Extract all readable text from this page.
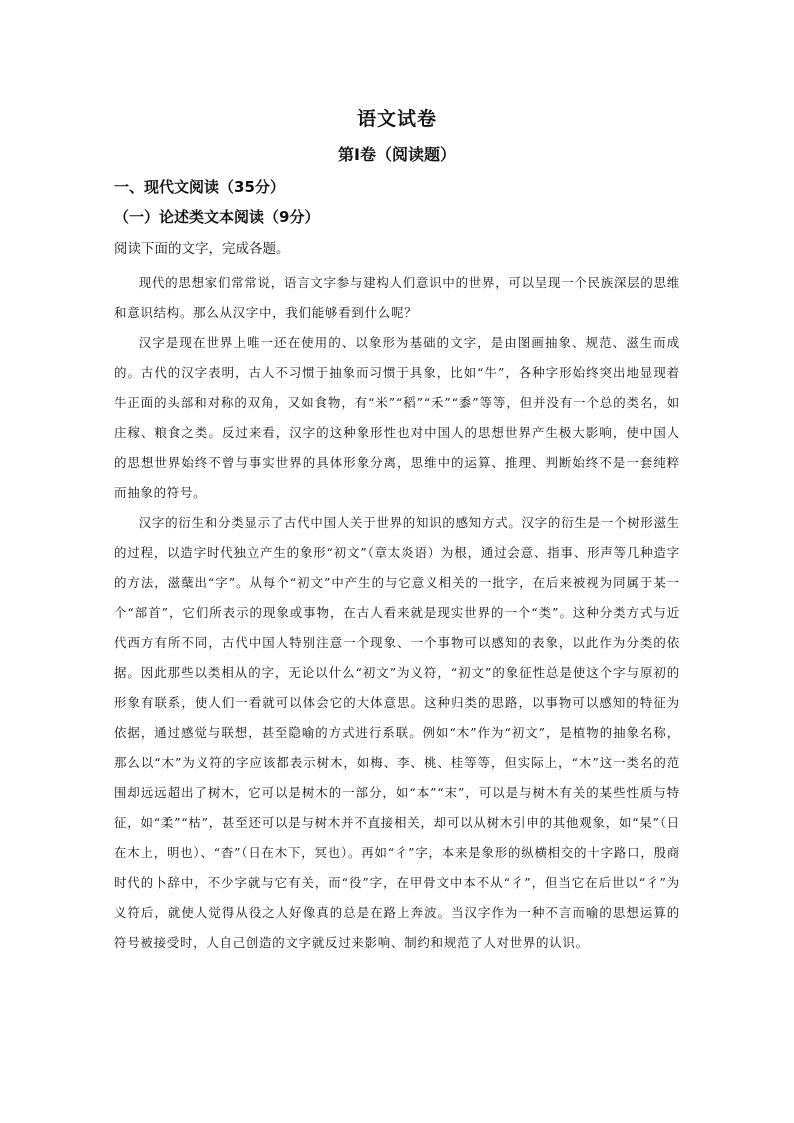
语文试卷
第Ⅰ卷（阅读题）
一、现代文阅读（35分）
（一）论述类文本阅读（9分）
阅读下面的文字，完成各题。

现代的思想家们常常说，语言文字参与建构人们意识中的世界，可以呈现一个民族深层的思维和意识结构。那么从汉字中，我们能够看到什么呢？

汉字是现在世界上唯一还在使用的、以象形为基础的文字，是由图画抽象、规范、滋生而成的。古代的汉字表明，古人不习惯于抽象而习惯于具象，比如“牛”，各种字形始终突出地显现着牛正面的头部和对称的双角，又如食物，有“米”“稻”“禾”“黍”等等，但并没有一个总的类名，如庄稼、粮食之类。反过来看，汉字的这种象形性也对中国人的思想世界产生极大影响，使中国人的思想世界始终不曾与事实世界的具体形象分离，思维中的运算、推理、判断始终不是一套纯粹而抽象的符号。

汉字的衍生和分类显示了古代中国人关于世界的知识的感知方式。汉字的衍生是一个树形滋生的过程，以造字时代独立产生的象形“初文”（章太炎语）为根，通过会意、指事、形声等几种造字的方法，滋蘖出“字”。从每个“初文”中产生的与它意义相关的一批字，在后来被视为同属于某一个“部首”，它们所表示的现象或事物，在古人看来就是现实世界的一个“类”。这种分类方式与近代西方有所不同，古代中国人特别注意一个现象、一个事物可以感知的表象，以此作为分类的依据。因此那些以类相从的字，无论以什么“初文”为义符，“初文”的象征性总是使这个字与原初的形象有联系，使人们一看就可以体会它的大体意思。这种归类的思路，以事物可以感知的特征为依据，通过感觉与联想，甚至隐喻的方式进行系联。例如“木”作为“初文”，是植物的抽象名称，那么以“木”为义符的字应该都表示树木，如梅、李、桃、桂等等，但实际上，“木”这一类名的范围却远远超出了树木，它可以是树木的一部分，如“本”“末”，可以是与树木有关的某些性质与特征，如“柔”“枯”，甚至还可以是与树木并不直接相关，却可以从树木引申的其他观象，如“杲”（日在木上，明也）、“杳”（日在木下，冥也）。再如“彳”字，本来是象形的纵横相交的十字路口，殷商时代的卜辞中，不少字就与它有关，而“役”字，在甲骨文中本不从“彳”，但当它在后世以“彳”为义符后，就使人觉得从役之人好像真的总是在路上奔波。当汉字作为一种不言而喻的思想运算的符号被接受时，人自己创造的文字就反过来影响、制约和规范了人对世界的认识。
